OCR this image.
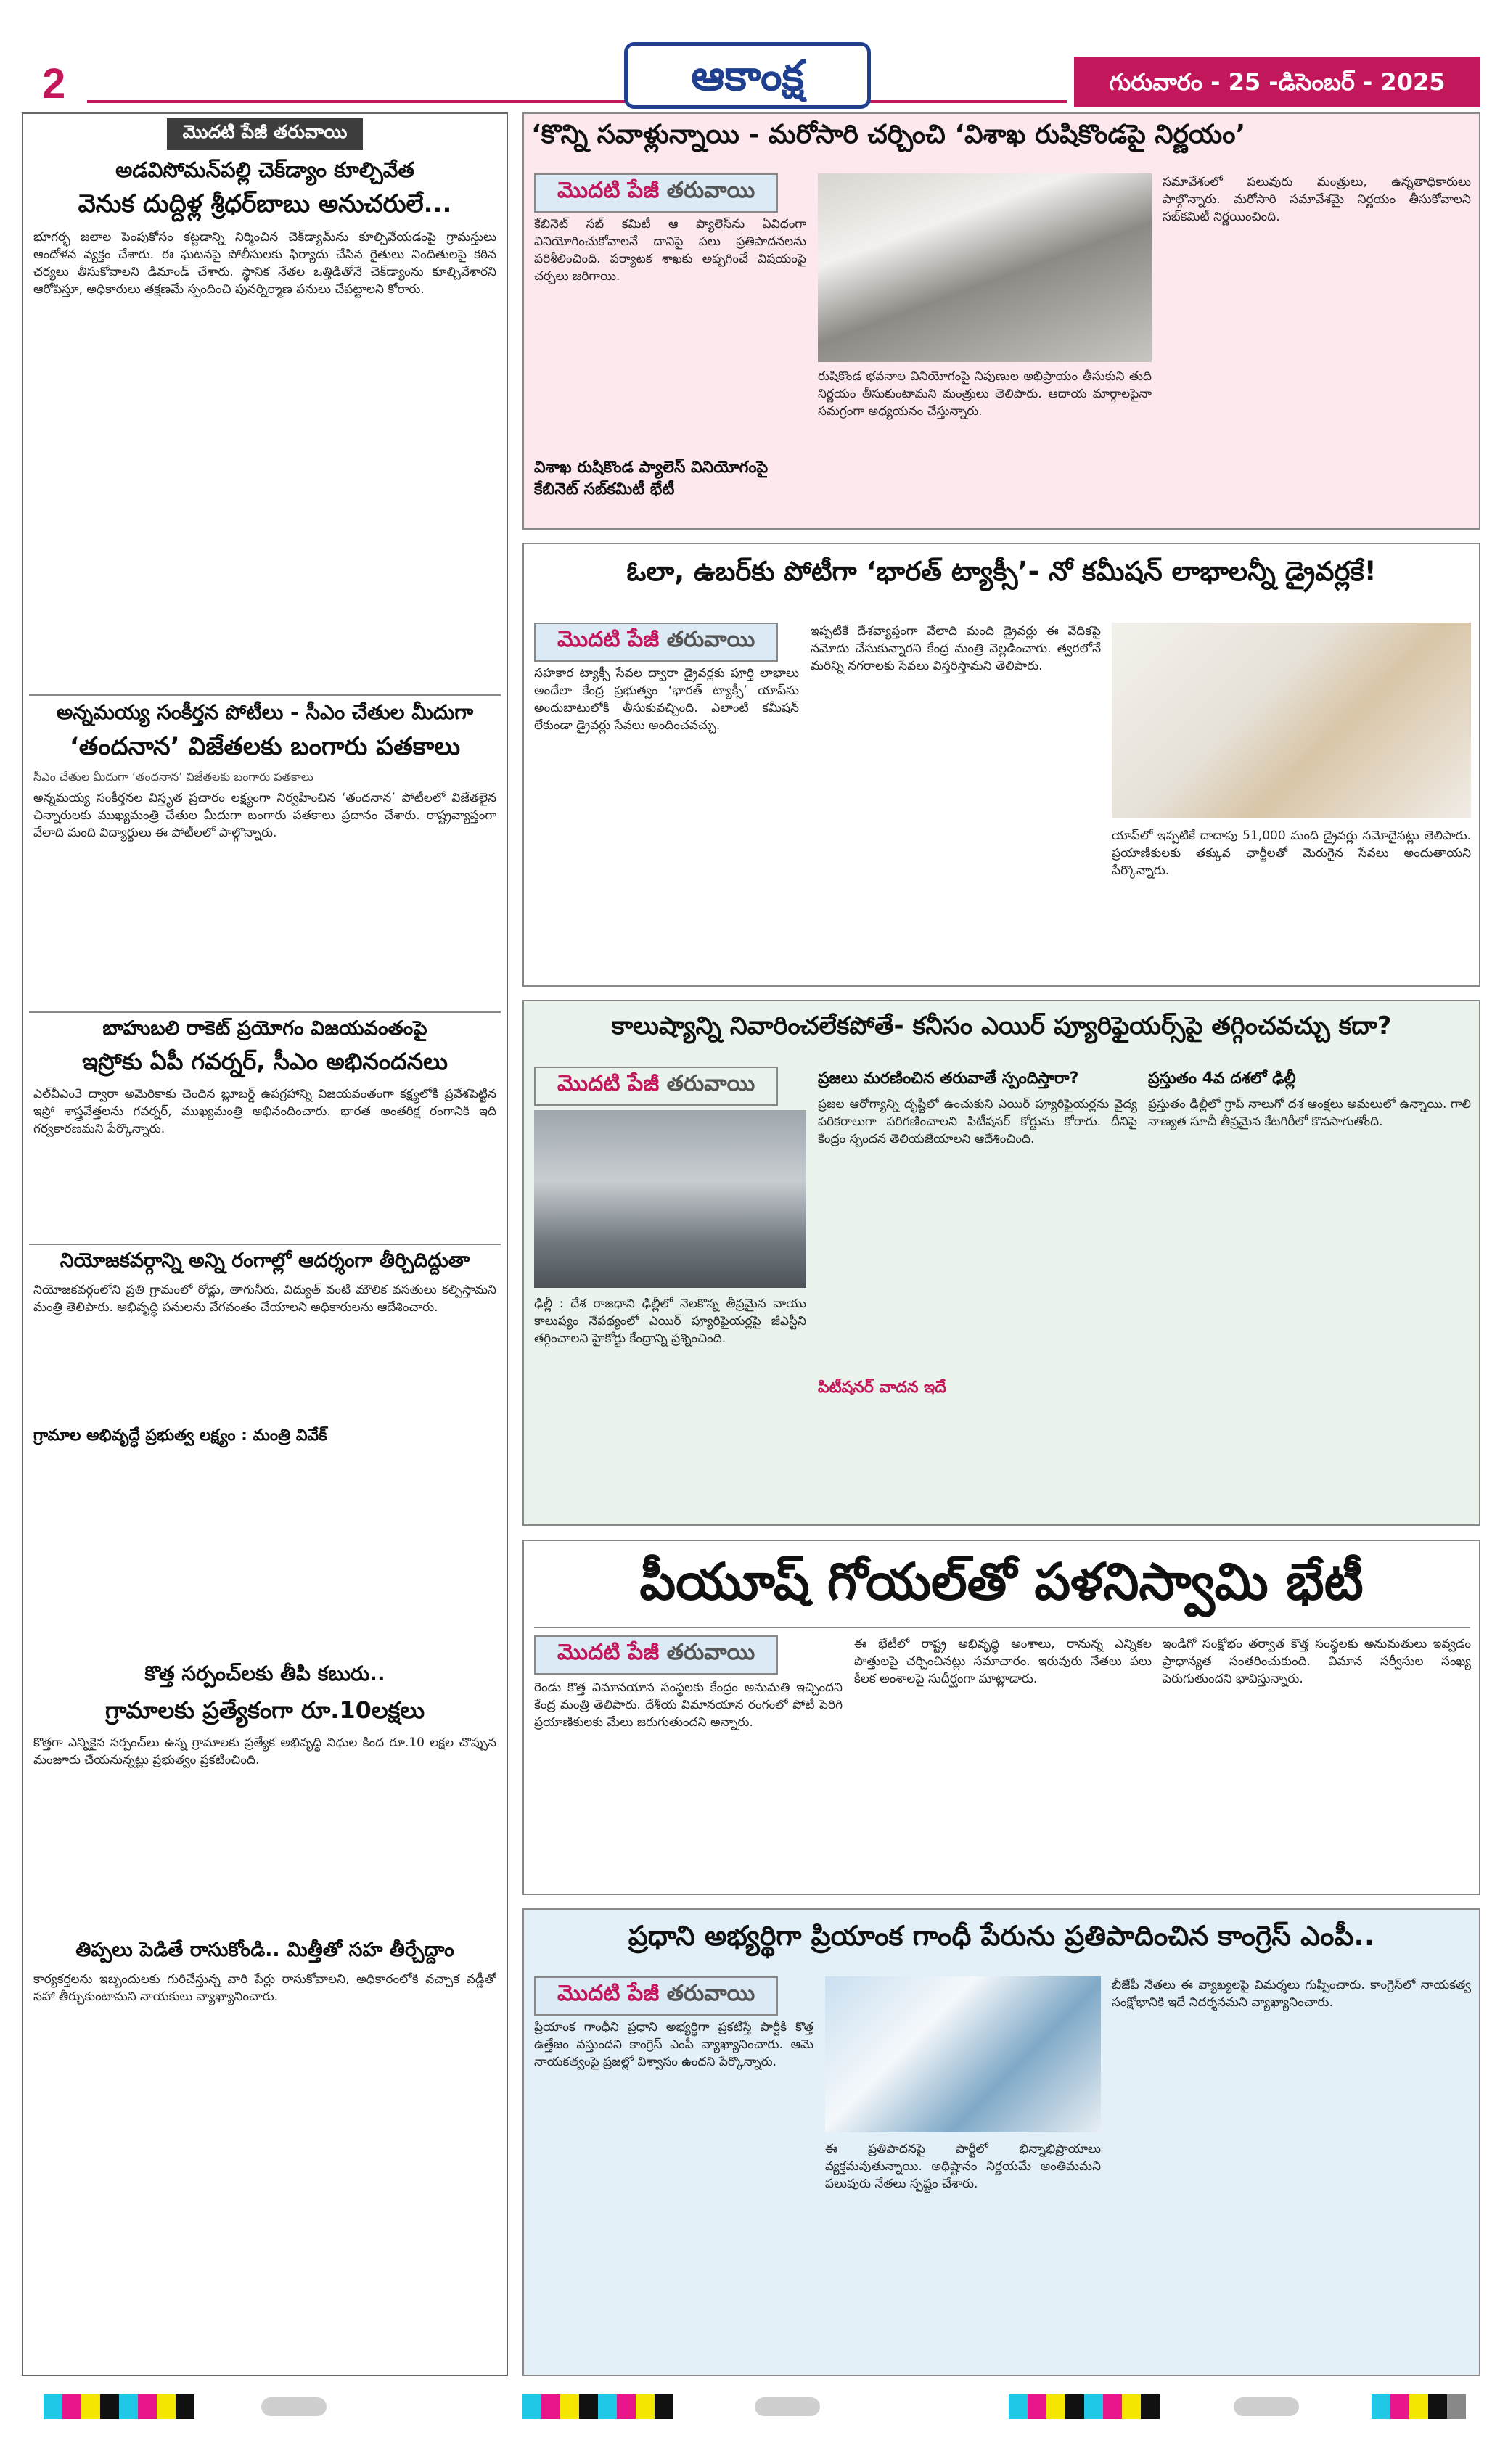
2	ఆకాంక్ష	గురువారం - 25 -డిసెంబర్ - 2025
మొదటి పేజీ తరువాయి
అడవిసోమన్‌పల్లి చెక్‌డ్యాం కూల్చివేత
వెనుక దుద్దిళ్ల శ్రీధర్‌బాబు అనుచరులే...
భూగర్భ జలాల పెంపుకోసం కట్టడాన్ని నిర్మించిన చెక్‌డ్యామ్‌ను కూల్చివేయడంపై గ్రామస్తులు ఆందోళన వ్యక్తం చేశారు. ఈ ఘటనపై పోలీసులకు ఫిర్యాదు చేసిన రైతులు నిందితులపై కఠిన చర్యలు తీసుకోవాలని డిమాండ్ చేశారు. స్థానిక నేతల ఒత్తిడితోనే చెక్‌డ్యాంను కూల్చివేశారని ఆరోపిస్తూ, అధికారులు తక్షణమే స్పందించి పునర్నిర్మాణ పనులు చేపట్టాలని కోరారు.
అన్నమయ్య సంకీర్తన పోటీలు - సీఎం చేతుల మీదుగా
‘తందనాన’ విజేతలకు బంగారు పతకాలు
సీఎం చేతుల మీదుగా ‘తందనాన’ విజేతలకు బంగారు పతకాలు
అన్నమయ్య సంకీర్తనల విస్తృత ప్రచారం లక్ష్యంగా నిర్వహించిన ‘తందనాన’ పోటీలలో విజేతలైన చిన్నారులకు ముఖ్యమంత్రి చేతుల మీదుగా బంగారు పతకాలు ప్రదానం చేశారు. రాష్ట్రవ్యాప్తంగా వేలాది మంది విద్యార్థులు ఈ పోటీలలో పాల్గొన్నారు.
బాహుబలి రాకెట్ ప్రయోగం విజయవంతంపై
ఇస్రోకు ఏపీ గవర్నర్, సీఎం అభినందనలు
ఎల్‌వీఎం3 ద్వారా అమెరికాకు చెందిన బ్లూబర్డ్ ఉపగ్రహాన్ని విజయవంతంగా కక్ష్యలోకి ప్రవేశపెట్టిన ఇస్రో శాస్త్రవేత్తలను గవర్నర్, ముఖ్యమంత్రి అభినందించారు. భారత అంతరిక్ష రంగానికి ఇది గర్వకారణమని పేర్కొన్నారు.
నియోజకవర్గాన్ని అన్ని రంగాల్లో ఆదర్శంగా తీర్చిదిద్దుతా
నియోజకవర్గంలోని ప్రతి గ్రామంలో రోడ్లు, తాగునీరు, విద్యుత్ వంటి మౌలిక వసతులు కల్పిస్తామని మంత్రి తెలిపారు. అభివృద్ధి పనులను వేగవంతం చేయాలని అధికారులను ఆదేశించారు.
గ్రామాల అభివృద్ధే ప్రభుత్వ లక్ష్యం : మంత్రి వివేక్
కొత్త సర్పంచ్‌లకు తీపి కబురు..
గ్రామాలకు ప్రత్యేకంగా రూ.10లక్షలు
కొత్తగా ఎన్నికైన సర్పంచ్‌లు ఉన్న గ్రామాలకు ప్రత్యేక అభివృద్ధి నిధుల కింద రూ.10 లక్షల చొప్పున మంజూరు చేయనున్నట్లు ప్రభుత్వం ప్రకటించింది.
తిప్పలు పెడితే రాసుకోండి.. మిత్తీతో సహ తీర్చేద్దాం
కార్యకర్తలను ఇబ్బందులకు గురిచేస్తున్న వారి పేర్లు రాసుకోవాలని, అధికారంలోకి వచ్చాక వడ్డీతో సహా తీర్చుకుంటామని నాయకులు వ్యాఖ్యానించారు.
‘కొన్ని సవాళ్లున్నాయి - మరోసారి చర్చించి ‘విశాఖ రుషికొండపై నిర్ణయం’
మొదటి పేజీ తరువాయి
కేబినెట్ సబ్ కమిటీ ఆ ప్యాలెస్‌ను ఏవిధంగా వినియోగించుకోవాలనే దానిపై పలు ప్రతిపాదనలను పరిశీలించింది. పర్యాటక శాఖకు అప్పగించే విషయంపై చర్చలు జరిగాయి.
రుషికొండ భవనాల వినియోగంపై నిపుణుల అభిప్రాయం తీసుకుని తుది నిర్ణయం తీసుకుంటామని మంత్రులు తెలిపారు. ఆదాయ మార్గాలపైనా సమగ్రంగా అధ్యయనం చేస్తున్నారు.
సమావేశంలో పలువురు మంత్రులు, ఉన్నతాధికారులు పాల్గొన్నారు. మరోసారి సమావేశమై నిర్ణయం తీసుకోవాలని సబ్‌కమిటీ నిర్ణయించింది.
విశాఖ రుషికొండ ప్యాలెస్ వినియోగంపై కేబినెట్ సబ్‌కమిటీ భేటీ
ఓలా, ఉబర్‌కు పోటీగా ‘భారత్ ట్యాక్సీ’- నో కమీషన్ లాభాలన్నీ డ్రైవర్లకే!
మొదటి పేజీ తరువాయి
సహకార ట్యాక్సీ సేవల ద్వారా డ్రైవర్లకు పూర్తి లాభాలు అందేలా కేంద్ర ప్రభుత్వం ‘భారత్ ట్యాక్సీ’ యాప్‌ను అందుబాటులోకి తీసుకువచ్చింది. ఎలాంటి కమీషన్ లేకుండా డ్రైవర్లు సేవలు అందించవచ్చు.
ఇప్పటికే దేశవ్యాప్తంగా వేలాది మంది డ్రైవర్లు ఈ వేదికపై నమోదు చేసుకున్నారని కేంద్ర మంత్రి వెల్లడించారు. త్వరలోనే మరిన్ని నగరాలకు సేవలు విస్తరిస్తామని తెలిపారు.
యాప్‌లో ఇప్పటికే దాదాపు 51,000 మంది డ్రైవర్లు నమోదైనట్లు తెలిపారు. ప్రయాణికులకు తక్కువ ఛార్జీలతో మెరుగైన సేవలు అందుతాయని పేర్కొన్నారు.
కాలుష్యాన్ని నివారించలేకపోతే- కనీసం ఎయిర్ ప్యూరిఫైయర్స్‌పై తగ్గించవచ్చు కదా?
మొదటి పేజీ తరువాయి
ఢిల్లీ : దేశ రాజధాని ఢిల్లీలో నెలకొన్న తీవ్రమైన వాయు కాలుష్యం నేపథ్యంలో ఎయిర్ ప్యూరిఫైయర్లపై జీఎస్టీని తగ్గించాలని హైకోర్టు కేంద్రాన్ని ప్రశ్నించింది.
ప్రజలు మరణించిన తరువాతే స్పందిస్తారా?
ప్రజల ఆరోగ్యాన్ని దృష్టిలో ఉంచుకుని ఎయిర్ ప్యూరిఫైయర్లను వైద్య పరికరాలుగా పరిగణించాలని పిటీషనర్ కోర్టును కోరారు. దీనిపై కేంద్రం స్పందన తెలియజేయాలని ఆదేశించింది.
పిటీషనర్ వాదన ఇదే
ప్రస్తుతం 4వ దశలో ఢిల్లీ
ప్రస్తుతం ఢిల్లీలో గ్రాప్ నాలుగో దశ ఆంక్షలు అమలులో ఉన్నాయి. గాలి నాణ్యత సూచీ తీవ్రమైన కేటగిరీలో కొనసాగుతోంది.
పీయూష్ గోయల్‌తో పళనిస్వామి భేటీ
మొదటి పేజీ తరువాయి
రెండు కొత్త విమానయాన సంస్థలకు కేంద్రం అనుమతి ఇచ్చిందని కేంద్ర మంత్రి తెలిపారు. దేశీయ విమానయాన రంగంలో పోటీ పెరిగి ప్రయాణికులకు మేలు జరుగుతుందని అన్నారు.
ఈ భేటీలో రాష్ట్ర అభివృద్ధి అంశాలు, రానున్న ఎన్నికల పొత్తులపై చర్చించినట్లు సమాచారం. ఇరువురు నేతలు పలు కీలక అంశాలపై సుదీర్ఘంగా మాట్లాడారు.
ఇండిగో సంక్షోభం తర్వాత కొత్త సంస్థలకు అనుమతులు ఇవ్వడం ప్రాధాన్యత సంతరించుకుంది. విమాన సర్వీసుల సంఖ్య పెరుగుతుందని భావిస్తున్నారు.
ప్రధాని అభ్యర్థిగా ప్రియాంక గాంధీ పేరును ప్రతిపాదించిన కాంగ్రెస్ ఎంపీ..
మొదటి పేజీ తరువాయి
ప్రియాంక గాంధీని ప్రధాని అభ్యర్థిగా ప్రకటిస్తే పార్టీకి కొత్త ఉత్తేజం వస్తుందని కాంగ్రెస్ ఎంపీ వ్యాఖ్యానించారు. ఆమె నాయకత్వంపై ప్రజల్లో విశ్వాసం ఉందని పేర్కొన్నారు.
ఈ ప్రతిపాదనపై పార్టీలో భిన్నాభిప్రాయాలు వ్యక్తమవుతున్నాయి. అధిష్టానం నిర్ణయమే అంతిమమని పలువురు నేతలు స్పష్టం చేశారు.
బీజేపీ నేతలు ఈ వ్యాఖ్యలపై విమర్శలు గుప్పించారు. కాంగ్రెస్‌లో నాయకత్వ సంక్షోభానికి ఇదే నిదర్శనమని వ్యాఖ్యానించారు.
